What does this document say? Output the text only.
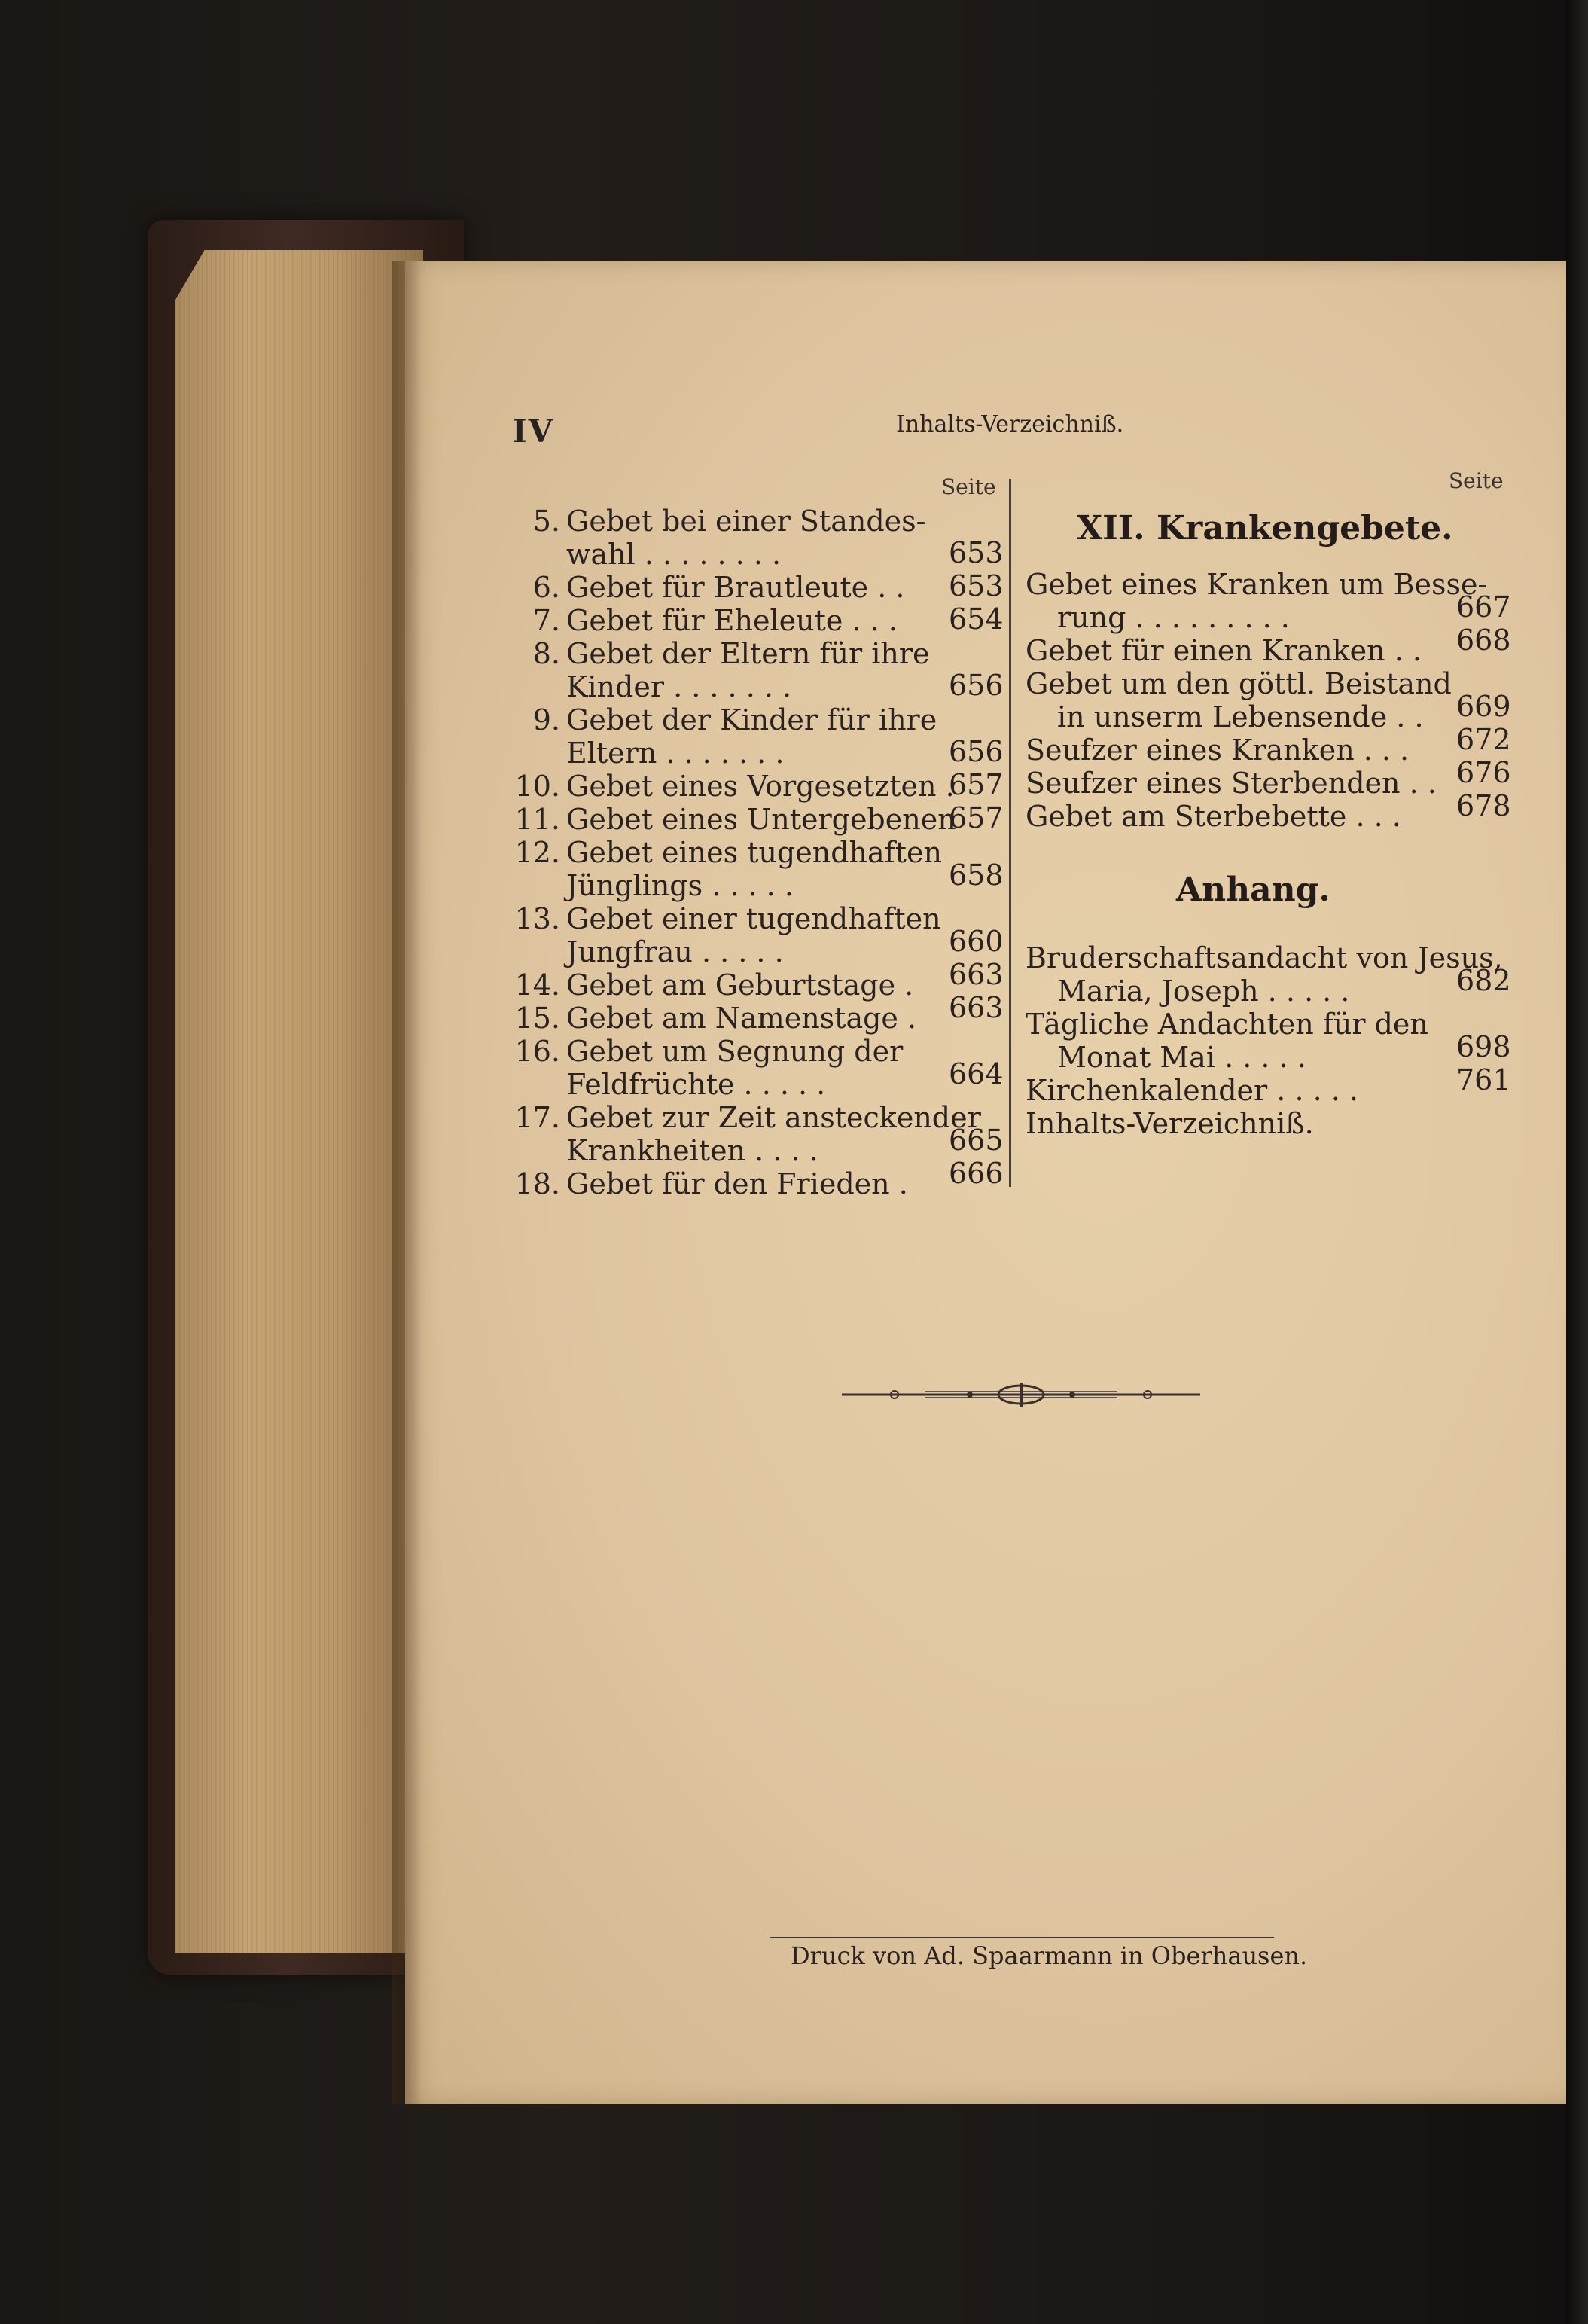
IV	Inhalts-Verzeichniß.
Seite	Seite
5. Gebet bei einer Standes-
wahl . . . . . . . .	653
6. Gebet für Brautleute . . 653
7. Gebet für Eheleute . . . 654
8. Gebet der Eltern für ihre
Kinder . . . . . . .	656
9. Gebet der Kinder für ihre
Eltern . . . . . . .	656
10. Gebet eines Vorgesetzten .
657
11. Gebet eines Untergebenen
657
12. Gebet eines tugendhaften
Jünglings . . . . .	658
13. Gebet einer tugendhaften
Jungfrau . . . . .	660
14. Gebet am Geburtstage . 663
15. Gebet am Namenstage . 663
16. Gebet um Segnung der
Feldfrüchte . . . . .	664
17. Gebet zur Zeit ansteckender
Krankheiten . . . .	665
18. Gebet für den Frieden . 666
XII. Krankengebete.
Gebet eines Kranken um Besse-
rung . . . . . . . . .	667
Gebet für einen Kranken . . 668
Gebet um den göttl. Beistand
in unserm Lebensende . . 669
Seufzer eines Kranken . . . 672
Seufzer eines Sterbenden . . 676
Gebet am Sterbebette . . . 678
Anhang.
Bruderschaftsandacht von Jesus,
Maria, Joseph . . . . .	682
Tägliche Andachten für den
Monat Mai . . . . .	698
Kirchenkalender . . . . .	761
Inhalts-Verzeichniß.
Druck von Ad. Spaarmann in Oberhausen.
